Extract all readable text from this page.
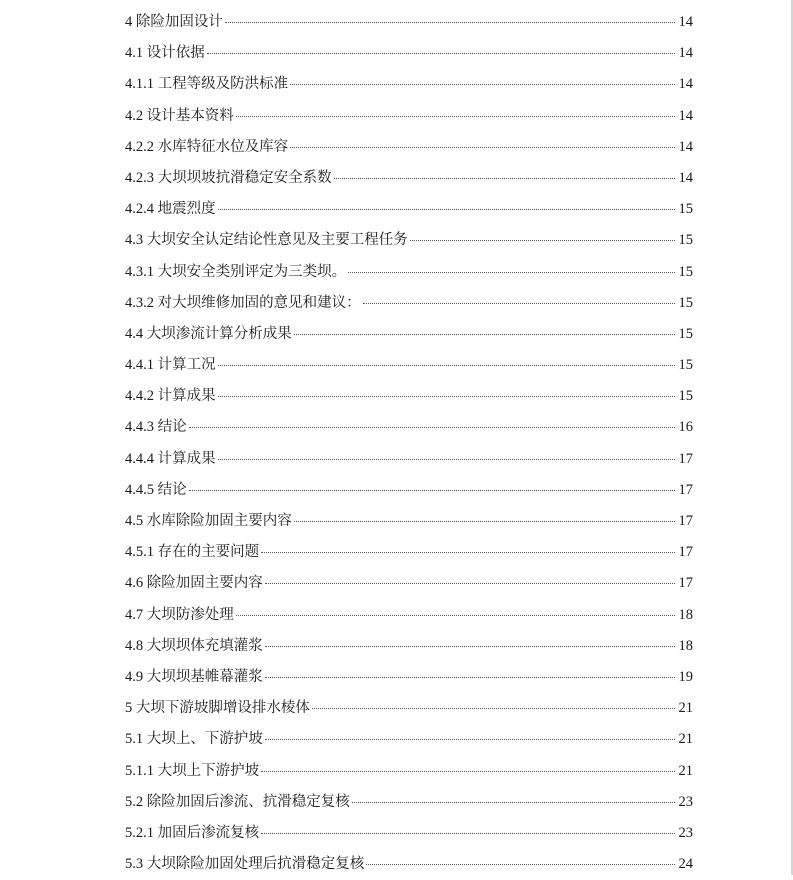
4 除险加固设计	14
4.1 设计依据	14
4.1.1 工程等级及防洪标准	14
4.2 设计基本资料	14
4.2.2 水库特征水位及库容	14
4.2.3 大坝坝坡抗滑稳定安全系数	14
4.2.4 地震烈度	15
4.3 大坝安全认定结论性意见及主要工程任务	15
4.3.1 大坝安全类别评定为三类坝。	15
4.3.2 对大坝维修加固的意见和建议：	15
4.4 大坝渗流计算分析成果	15
4.4.1 计算工况	15
4.4.2 计算成果	15
4.4.3 结论	16
4.4.4 计算成果	17
4.4.5 结论	17
4.5 水库除险加固主要内容	17
4.5.1 存在的主要问题	17
4.6 除险加固主要内容	17
4.7 大坝防渗处理	18
4.8 大坝坝体充填灌浆	18
4.9 大坝坝基帷幕灌浆	19
5 大坝下游坡脚增设排水棱体	21
5.1 大坝上、下游护坡	21
5.1.1 大坝上下游护坡	21
5.2 除险加固后渗流、抗滑稳定复核	23
5.2.1 加固后渗流复核	23
5.3 大坝除险加固处理后抗滑稳定复核	24
